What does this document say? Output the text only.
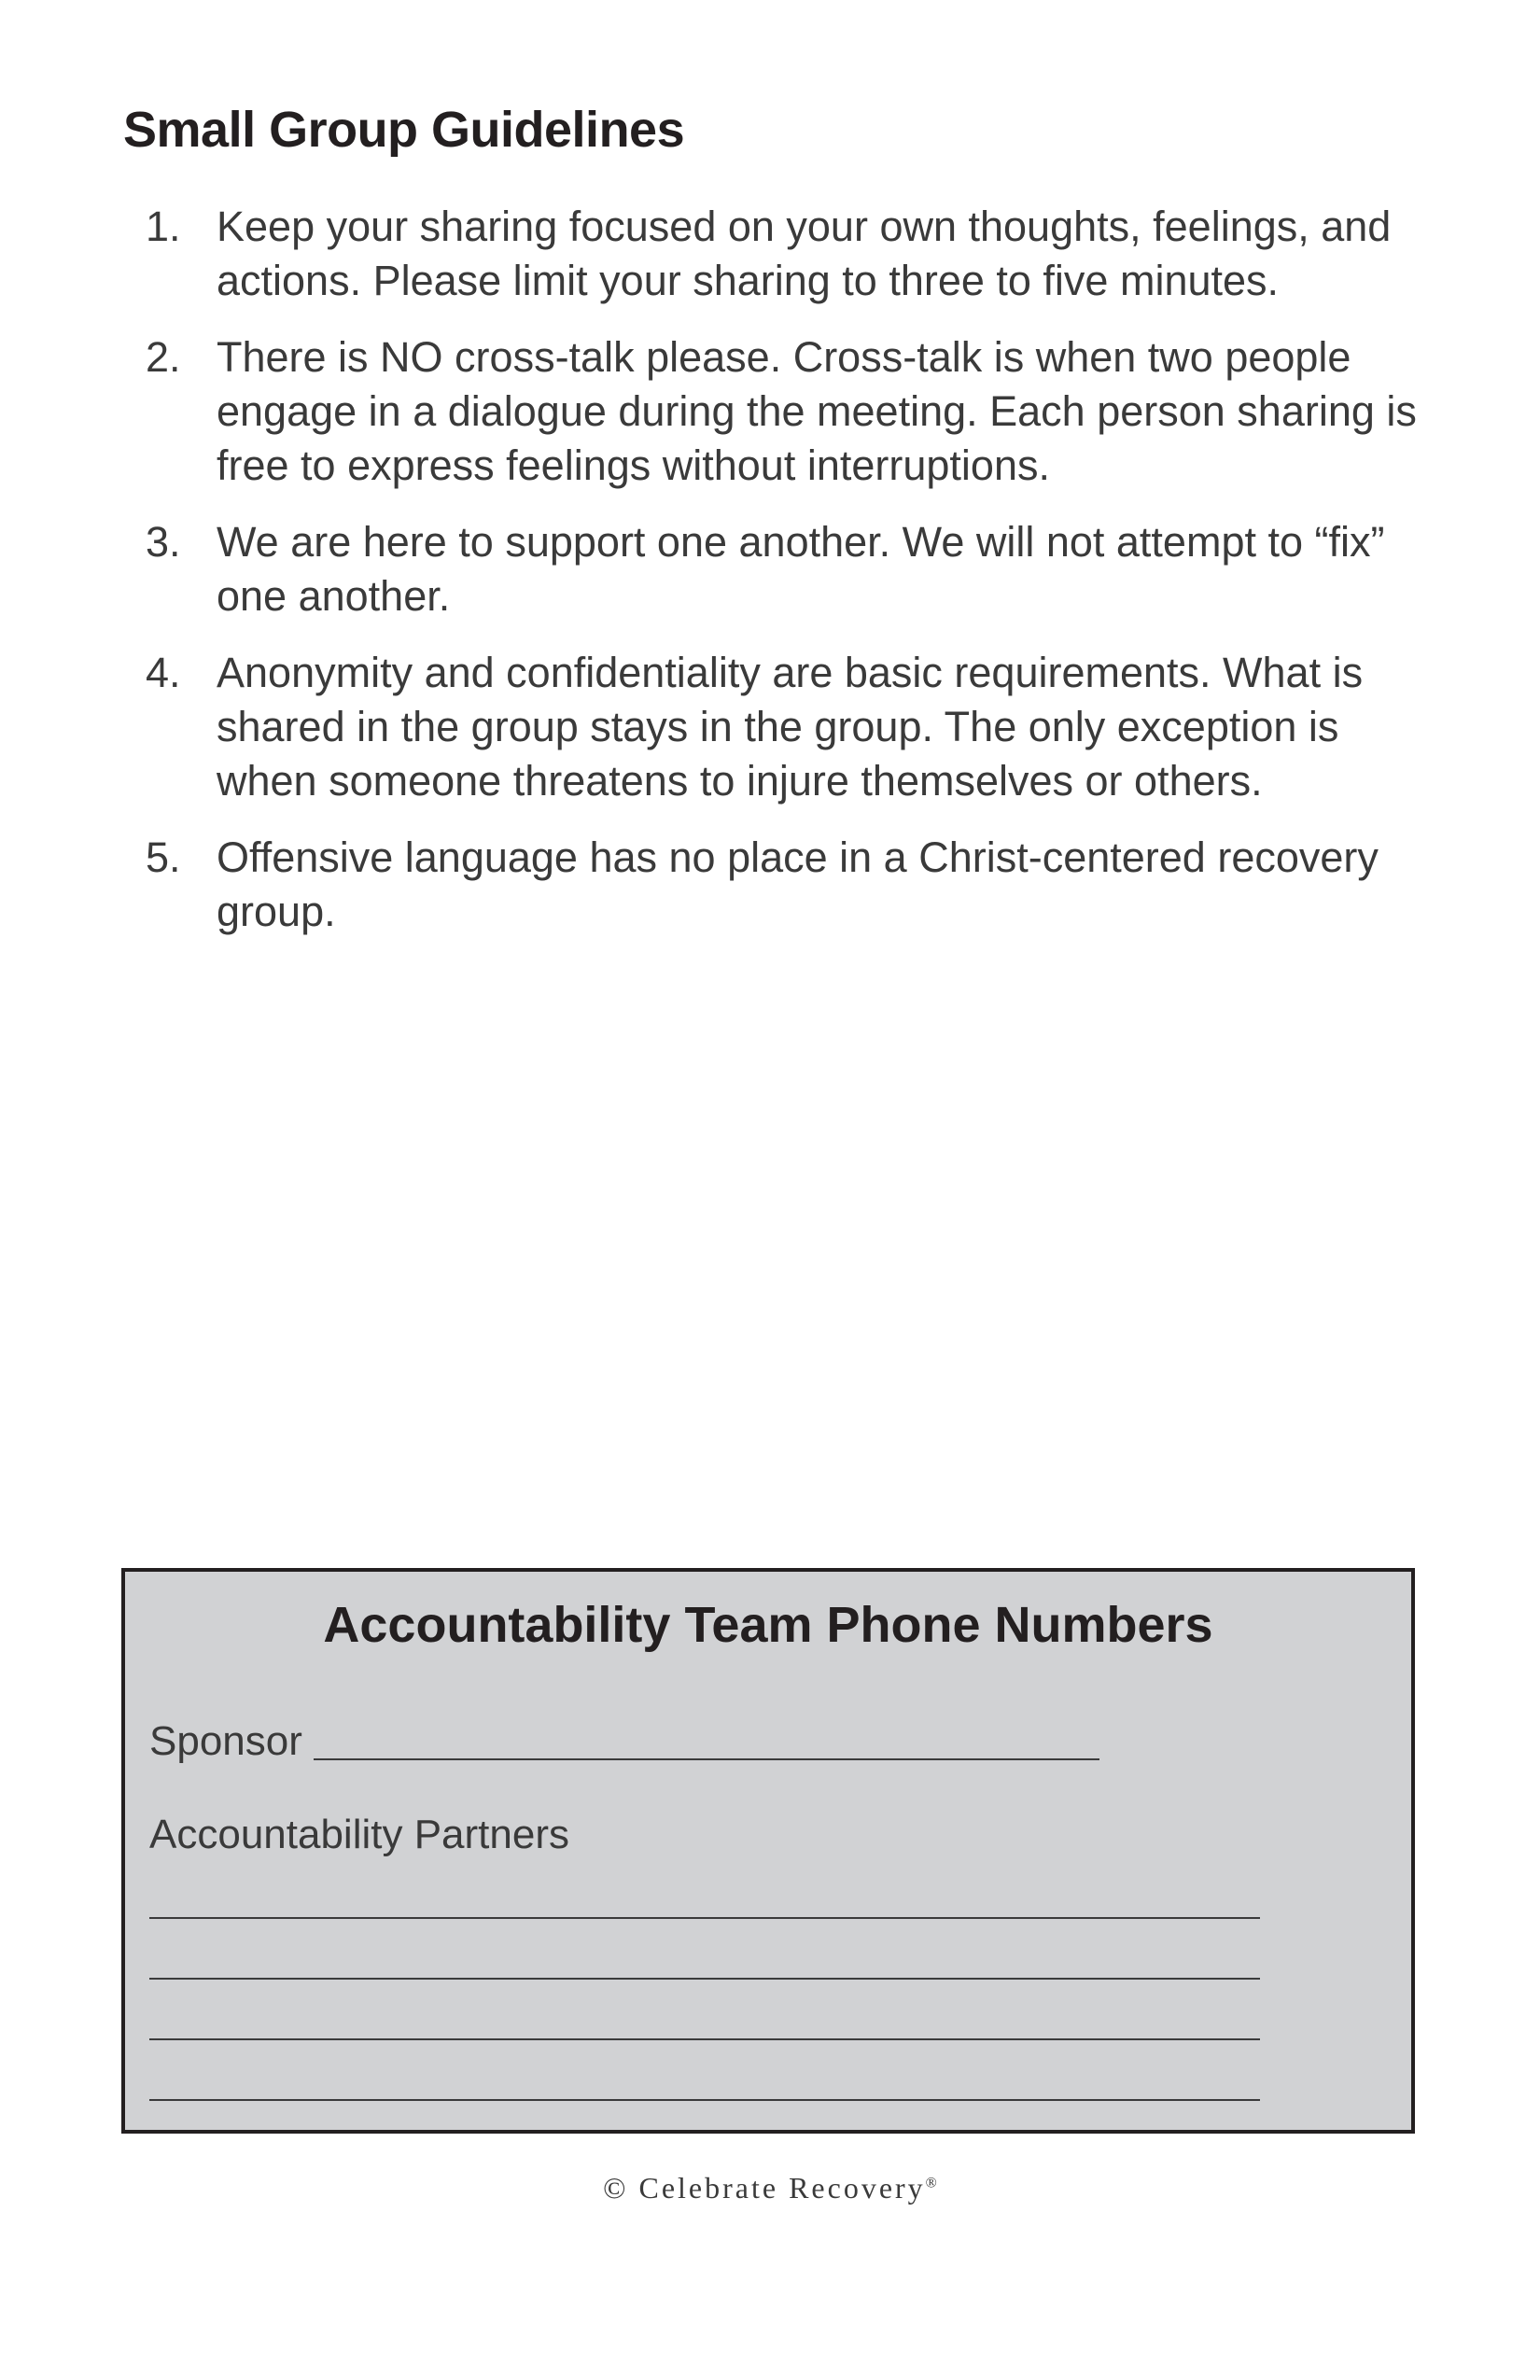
Small Group Guidelines
1. Keep your sharing focused on your own thoughts, feelings, and actions. Please limit your sharing to three to five minutes.
2. There is NO cross-talk please. Cross-talk is when two people engage in a dialogue during the meeting. Each person sharing is free to express feelings without interruptions.
3. We are here to support one another. We will not attempt to “fix” one another.
4. Anonymity and confidentiality are basic requirements. What is shared in the group stays in the group. The only exception is when someone threatens to injure themselves or others.
5. Offensive language has no place in a Christ-centered recovery group.
Accountability Team Phone Numbers
Sponsor
Accountability Partners
© Celebrate Recovery®
